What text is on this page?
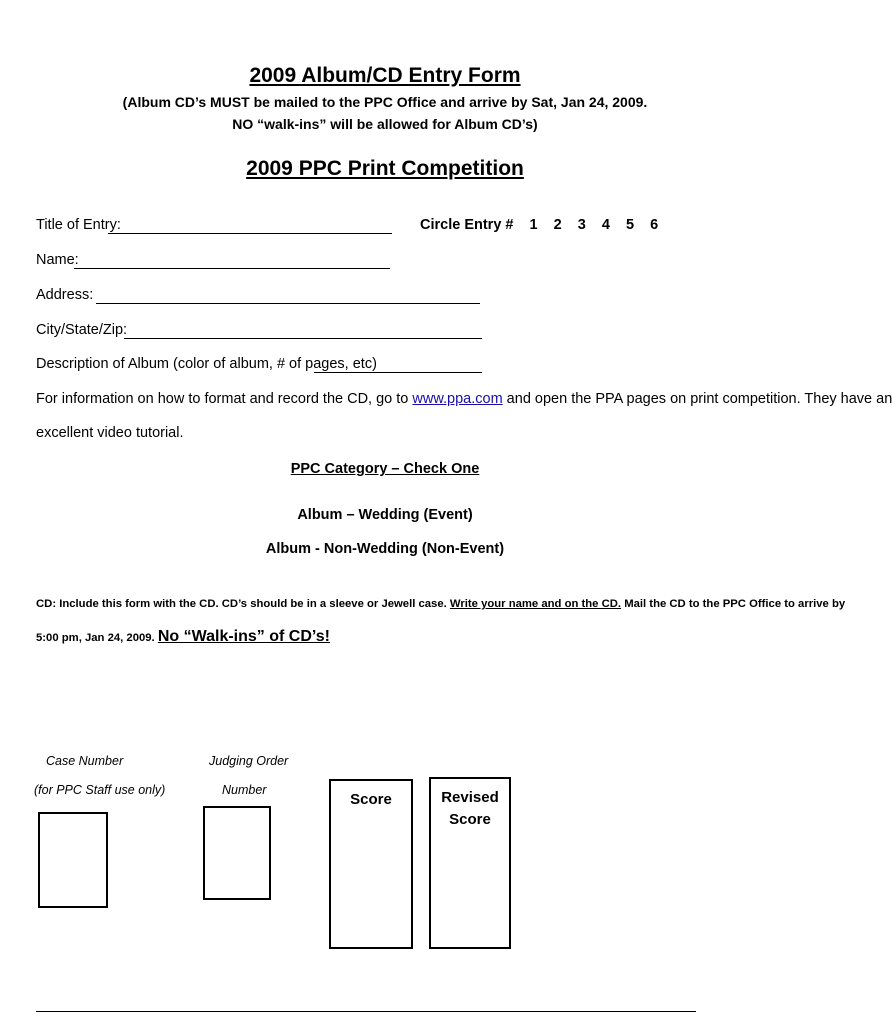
2009 Album/CD Entry Form
(Album CD’s MUST be mailed to the PPC Office and arrive by Sat, Jan 24, 2009.
NO “walk-ins” will be allowed for Album CD’s)
2009 PPC Print Competition
Title of Entry:	Circle Entry # 1 2 3 4 5 6
Name:
Address:
City/State/Zip:
Description of Album (color of album, # of pages, etc)
For information on how to format and record the CD, go to www.ppa.com and open the PPA pages on print competition. They have an
excellent video tutorial.
PPC Category – Check One
Album – Wedding (Event)
Album - Non-Wedding (Non-Event)
CD: Include this form with the CD. CD’s should be in a sleeve or Jewell case. Write your name and on the CD. Mail the CD to the PPC Office to arrive by
5:00 pm, Jan 24, 2009. No “Walk-ins” of CD’s!
Case Number
(for PPC Staff use only)
Judging Order
Number
Score	Revised
Score
